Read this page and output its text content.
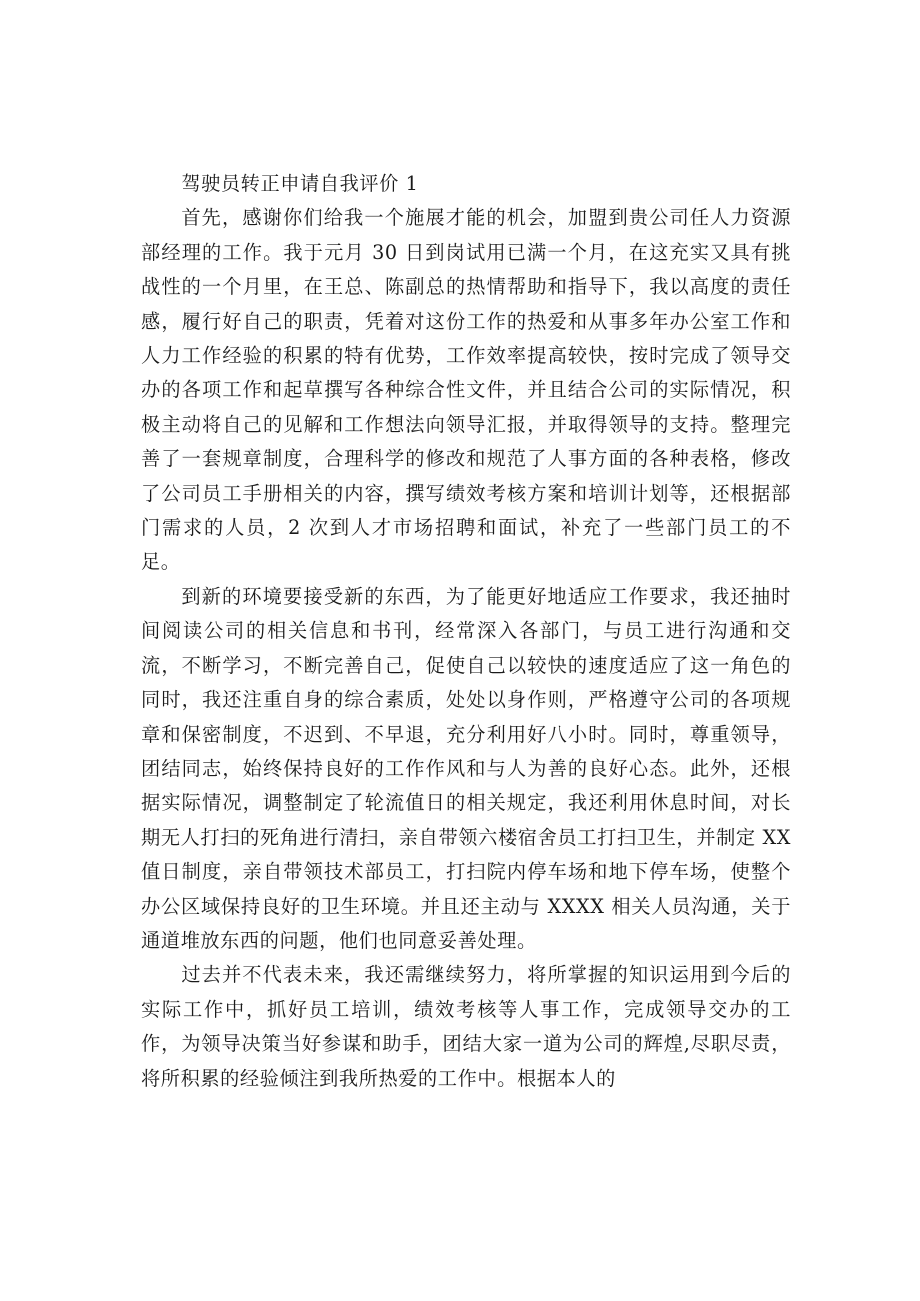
驾驶员转正申请自我评价 1

首先，感谢你们给我一个施展才能的机会，加盟到贵公司任人力资源部经理的工作。我于元月 30 日到岗试用已满一个月，在这充实又具有挑战性的一个月里，在王总、陈副总的热情帮助和指导下，我以高度的责任感，履行好自己的职责，凭着对这份工作的热爱和从事多年办公室工作和人力工作经验的积累的特有优势，工作效率提高较快，按时完成了领导交办的各项工作和起草撰写各种综合性文件，并且结合公司的实际情况，积极主动将自己的见解和工作想法向领导汇报，并取得领导的支持。整理完善了一套规章制度，合理科学的修改和规范了人事方面的各种表格，修改了公司员工手册相关的内容，撰写绩效考核方案和培训计划等，还根据部门需求的人员，2 次到人才市场招聘和面试，补充了一些部门员工的不足。

到新的环境要接受新的东西，为了能更好地适应工作要求，我还抽时间阅读公司的相关信息和书刊，经常深入各部门，与员工进行沟通和交流，不断学习，不断完善自己，促使自己以较快的速度适应了这一角色的同时，我还注重自身的综合素质，处处以身作则，严格遵守公司的各项规章和保密制度，不迟到、不早退，充分利用好八小时。同时，尊重领导，团结同志，始终保持良好的工作作风和与人为善的良好心态。此外，还根据实际情况，调整制定了轮流值日的相关规定，我还利用休息时间，对长期无人打扫的死角进行清扫，亲自带领六楼宿舍员工打扫卫生，并制定 XX 值日制度，亲自带领技术部员工，打扫院内停车场和地下停车场，使整个办公区域保持良好的卫生环境。并且还主动与 XXXX 相关人员沟通，关于通道堆放东西的问题，他们也同意妥善处理。

过去并不代表未来，我还需继续努力，将所掌握的知识运用到今后的实际工作中，抓好员工培训，绩效考核等人事工作，完成领导交办的工作，为领导决策当好参谋和助手，团结大家一道为公司的辉煌,尽职尽责，将所积累的经验倾注到我所热爱的工作中。根据本人的
